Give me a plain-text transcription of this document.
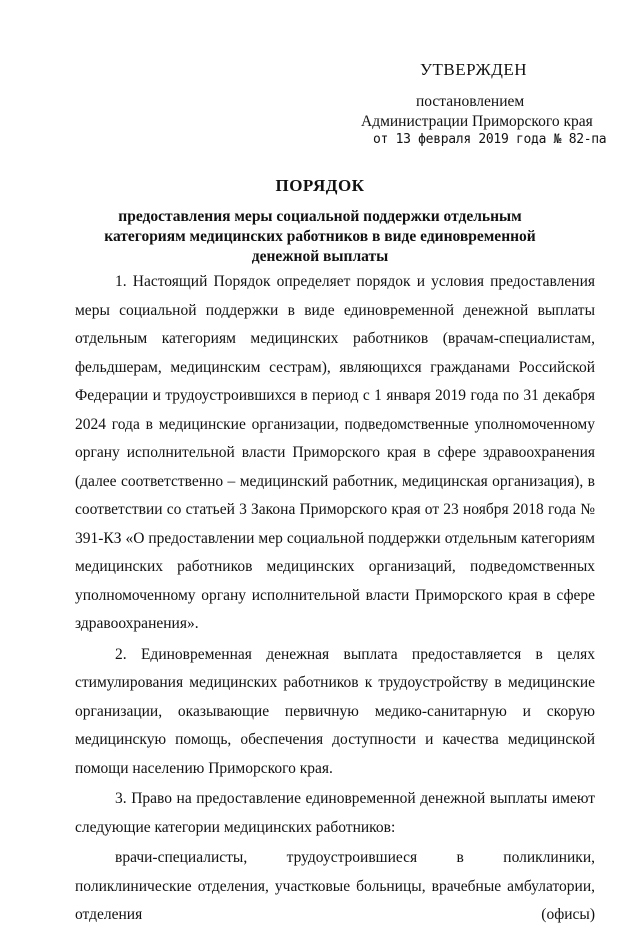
УТВЕРЖДЕН
постановлением
Администрации Приморского края
от 13 февраля 2019 года № 82-па
ПОРЯДОК
предоставления меры социальной поддержки отдельным категориям медицинских работников в виде единовременной денежной выплаты

1. Настоящий Порядок определяет порядок и условия предоставления меры социальной поддержки в виде единовременной денежной выплаты отдельным категориям медицинских работников (врачам-специалистам, фельдшерам, медицинским сестрам), являющихся гражданами Российской Федерации и трудоустроившихся в период с 1 января 2019 года по 31 декабря 2024 года в медицинские организации, подведомственные уполномоченному органу исполнительной власти Приморского края в сфере здравоохранения (далее соответственно – медицинский работник, медицинская организация), в соответствии со статьей 3 Закона Приморского края от 23 ноября 2018 года № 391-КЗ «О предоставлении мер социальной поддержки отдельным категориям медицинских работников медицинских организаций, подведомственных уполномоченному органу исполнительной власти Приморского края в сфере здравоохранения».

2. Единовременная денежная выплата предоставляется в целях стимулирования медицинских работников к трудоустройству в медицинские организации, оказывающие первичную медико-санитарную и скорую медицинскую помощь, обеспечения доступности и качества медицинской помощи населению Приморского края.

3. Право на предоставление единовременной денежной выплаты имеют следующие категории медицинских работников:

врачи-специалисты, трудоустроившиеся в поликлиники, поликлинические отделения, участковые больницы, врачебные амбулатории, отделения (офисы)
